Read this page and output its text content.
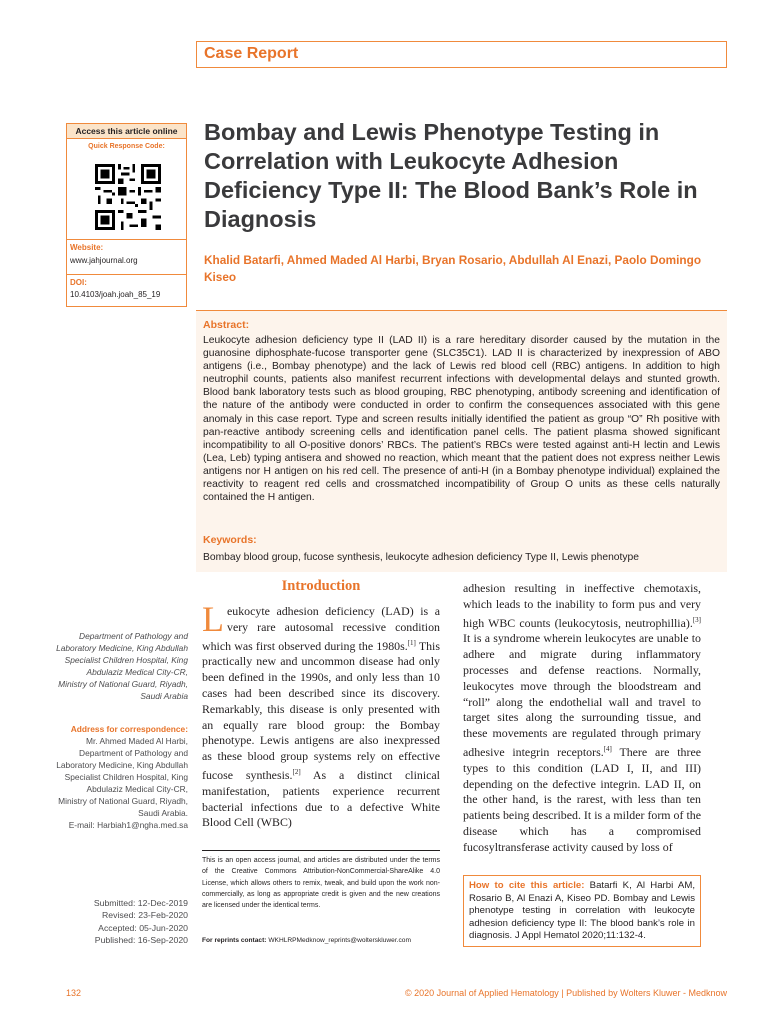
Case Report
Access this article online
Quick Response Code:
Website:
www.jahjournal.org
DOI:
10.4103/joah.joah_85_19
Bombay and Lewis Phenotype Testing in Correlation with Leukocyte Adhesion Deficiency Type II: The Blood Bank’s Role in Diagnosis
Khalid Batarfi, Ahmed Maded Al Harbi, Bryan Rosario, Abdullah Al Enazi, Paolo Domingo Kiseo
Abstract:
Leukocyte adhesion deficiency type II (LAD II) is a rare hereditary disorder caused by the mutation in the guanosine diphosphate-fucose transporter gene (SLC35C1). LAD II is characterized by inexpression of ABO antigens (i.e., Bombay phenotype) and the lack of Lewis red blood cell (RBC) antigens. In addition to high neutrophil counts, patients also manifest recurrent infections with developmental delays and stunted growth. Blood bank laboratory tests such as blood grouping, RBC phenotyping, antibody screening and identification of the nature of the antibody were conducted in order to confirm the consequences associated with this gene anomaly in this case report. Type and screen results initially identified the patient as group “O” Rh positive with pan-reactive antibody screening cells and identification panel cells. The patient plasma showed significant incompatibility to all O-positive donors’ RBCs. The patient’s RBCs were tested against anti-H lectin and Lewis (Lea, Leb) typing antisera and showed no reaction, which meant that the patient does not express neither Lewis antigens nor H antigen on his red cell. The presence of anti-H (in a Bombay phenotype individual) explained the reactivity to reagent red cells and crossmatched incompatibility of Group O units as these cells naturally contained the H antigen.
Keywords:
Bombay blood group, fucose synthesis, leukocyte adhesion deficiency Type II, Lewis phenotype
Department of Pathology and Laboratory Medicine, King Abdullah Specialist Children Hospital, King Abdulaziz Medical City-CR, Ministry of National Guard, Riyadh, Saudi Arabia
Address for correspondence:
Mr. Ahmed Maded Al Harbi, Department of Pathology and Laboratory Medicine, King Abdullah Specialist Children Hospital, King Abdulaziz Medical City-CR, Ministry of National Guard, Riyadh, Saudi Arabia.
E-mail: Harbiah1@ngha.med.sa
Submitted: 12-Dec-2019
Revised: 23-Feb-2020
Accepted: 05-Jun-2020
Published: 16-Sep-2020
Introduction
Leukocyte adhesion deficiency (LAD) is a very rare autosomal recessive condition which was first observed during the 1980s.[1] This practically new and uncommon disease had only been defined in the 1990s, and only less than 10 cases had been described since its discovery. Remarkably, this disease is only presented with an equally rare blood group: the Bombay phenotype. Lewis antigens are also inexpressed as these blood group systems rely on effective fucose synthesis.[2] As a distinct clinical manifestation, patients experience recurrent bacterial infections due to a defective White Blood Cell (WBC)
This is an open access journal, and articles are distributed under the terms of the Creative Commons Attribution-NonCommercial-ShareAlike 4.0 License, which allows others to remix, tweak, and build upon the work non-commercially, as long as appropriate credit is given and the new creations are licensed under the identical terms.
For reprints contact: WKHLRPMedknow_reprints@wolterskluwer.com
adhesion resulting in ineffective chemotaxis, which leads to the inability to form pus and very high WBC counts (leukocytosis, neutrophillia).[3] It is a syndrome wherein leukocytes are unable to adhere and migrate during inflammatory processes and defense reactions. Normally, leukocytes move through the bloodstream and “roll” along the endothelial wall and travel to target sites along the surrounding tissue, and these movements are regulated through primary adhesive integrin receptors.[4] There are three types to this condition (LAD I, II, and III) depending on the defective integrin. LAD II, on the other hand, is the rarest, with less than ten patients being described. It is a milder form of the disease which has a compromised fucosyltransferase activity caused by loss of
How to cite this article: Batarfi K, Al Harbi AM, Rosario B, Al Enazi A, Kiseo PD. Bombay and Lewis phenotype testing in correlation with leukocyte adhesion deficiency type II: The blood bank’s role in diagnosis. J Appl Hematol 2020;11:132-4.
132	© 2020 Journal of Applied Hematology | Published by Wolters Kluwer - Medknow
